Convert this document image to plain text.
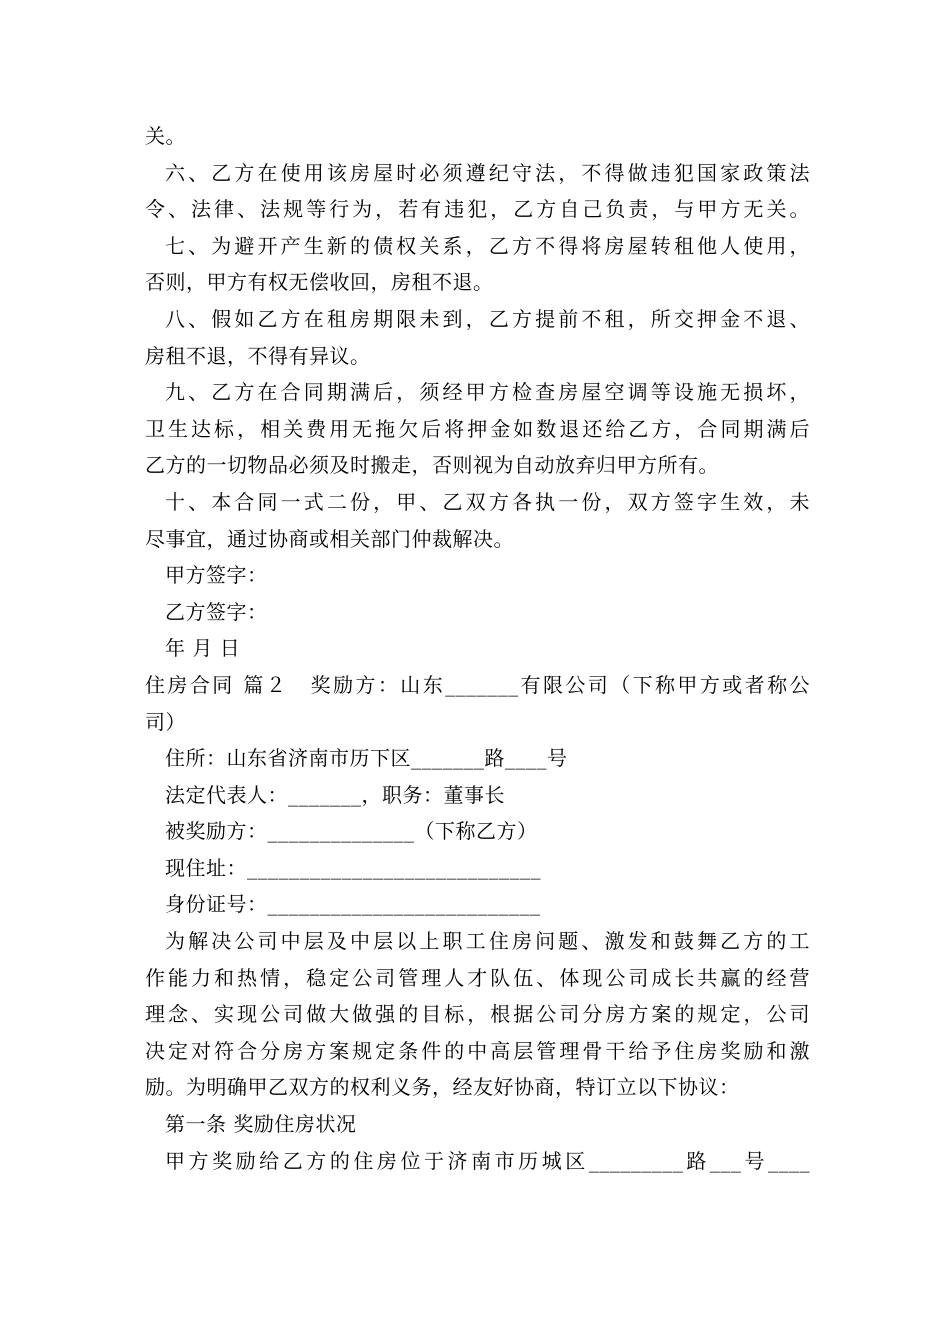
关。
六、乙方在使用该房屋时必须遵纪守法，不得做违犯国家政策法
令、法律、法规等行为，若有违犯，乙方自己负责，与甲方无关。
七、为避开产生新的债权关系，乙方不得将房屋转租他人使用，
否则，甲方有权无偿收回，房租不退。
八、假如乙方在租房期限未到，乙方提前不租，所交押金不退、
房租不退，不得有异议。
九、乙方在合同期满后，须经甲方检查房屋空调等设施无损坏，
卫生达标，相关费用无拖欠后将押金如数退还给乙方，合同期满后
乙方的一切物品必须及时搬走，否则视为自动放弃归甲方所有。
十、本合同一式二份，甲、乙双方各执一份，双方签字生效，未
尽事宜，通过协商或相关部门仲裁解决。
甲方签字：
乙方签字：
年 月 日
住房合同 篇２　奖励方：山东_______有限公司（下称甲方或者称公
司）
住所：山东省济南市历下区_______路____号
法定代表人：_______，职务：董事长
被奖励方：______________（下称乙方）
现住址：____________________________
身份证号：__________________________
为解决公司中层及中层以上职工住房问题、激发和鼓舞乙方的工
作能力和热情，稳定公司管理人才队伍、体现公司成长共赢的经营
理念、实现公司做大做强的目标，根据公司分房方案的规定，公司
决定对符合分房方案规定条件的中高层管理骨干给予住房奖励和激
励。为明确甲乙双方的权利义务，经友好协商，特订立以下协议：
第一条 奖励住房状况
甲方奖励给乙方的住房位于济南市历城区_________路___号____
